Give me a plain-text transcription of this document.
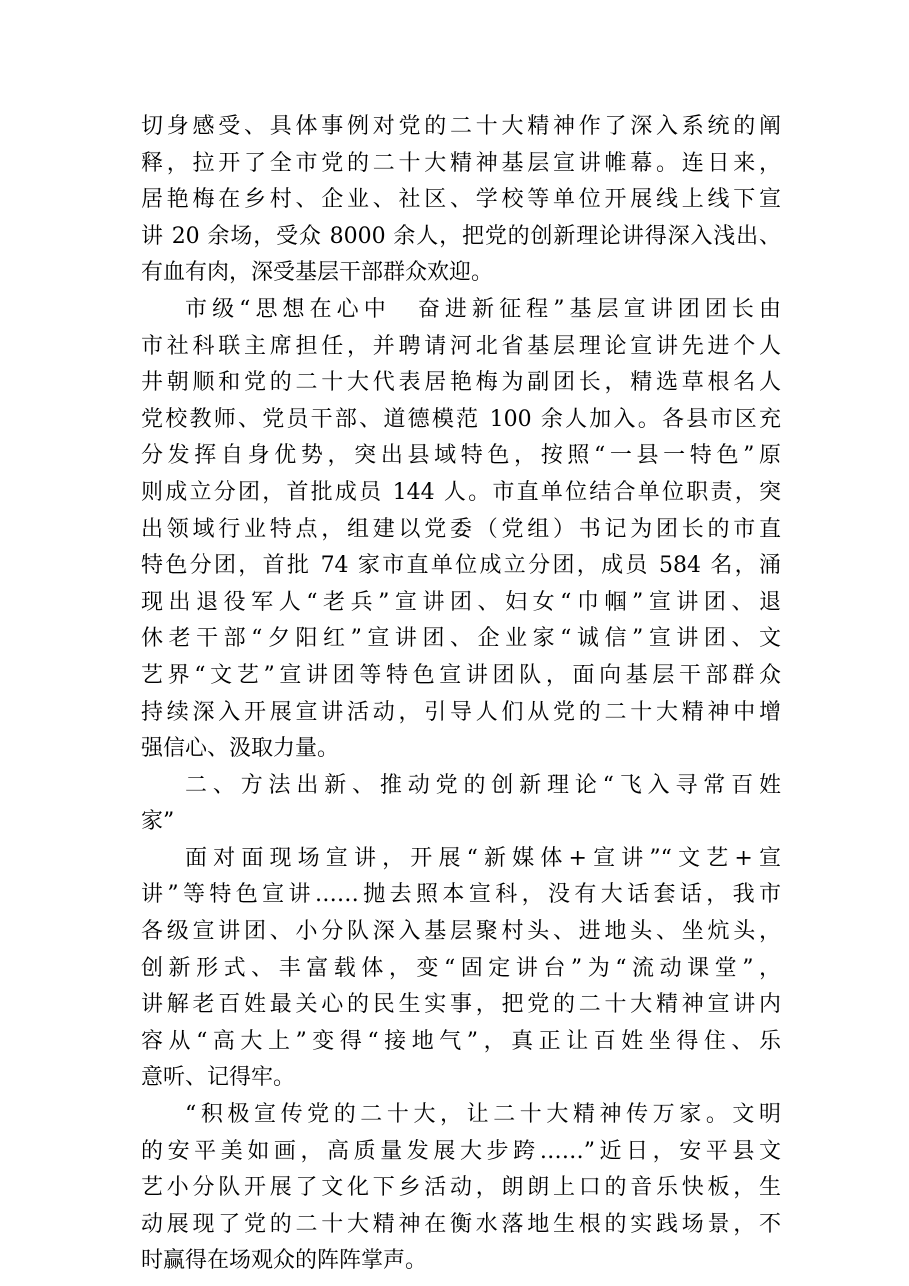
切身感受、具体事例对党的二十大精神作了深入系统的阐
释，拉开了全市党的二十大精神基层宣讲帷幕。连日来，
居艳梅在乡村、企业、社区、学校等单位开展线上线下宣
讲 20 余场，受众 8000 余人，把党的创新理论讲得深入浅出、
有血有肉，深受基层干部群众欢迎。
市级“思想在心中　奋进新征程”基层宣讲团团长由
市社科联主席担任，并聘请河北省基层理论宣讲先进个人
井朝顺和党的二十大代表居艳梅为副团长，精选草根名人
党校教师、党员干部、道德模范 100 余人加入。各县市区充
分发挥自身优势，突出县域特色，按照“一县一特色”原
则成立分团，首批成员 144 人。市直单位结合单位职责，突
出领域行业特点，组建以党委（党组）书记为团长的市直
特色分团，首批 74 家市直单位成立分团，成员 584 名，涌
现出退役军人“老兵”宣讲团、妇女“巾帼”宣讲团、退
休老干部“夕阳红”宣讲团、企业家“诚信”宣讲团、文
艺界“文艺”宣讲团等特色宣讲团队，面向基层干部群众
持续深入开展宣讲活动，引导人们从党的二十大精神中增
强信心、汲取力量。
二、方法出新、推动党的创新理论“飞入寻常百姓
家”
面对面现场宣讲，开展“新媒体+宣讲”“文艺+宣
讲”等特色宣讲……抛去照本宣科，没有大话套话，我市
各级宣讲团、小分队深入基层聚村头、进地头、坐炕头，
创新形式、丰富载体，变“固定讲台”为“流动课堂”，
讲解老百姓最关心的民生实事，把党的二十大精神宣讲内
容从“高大上”变得“接地气”，真正让百姓坐得住、乐
意听、记得牢。
“积极宣传党的二十大，让二十大精神传万家。文明
的安平美如画，高质量发展大步跨……”近日，安平县文
艺小分队开展了文化下乡活动，朗朗上口的音乐快板，生
动展现了党的二十大精神在衡水落地生根的实践场景，不
时赢得在场观众的阵阵掌声。
